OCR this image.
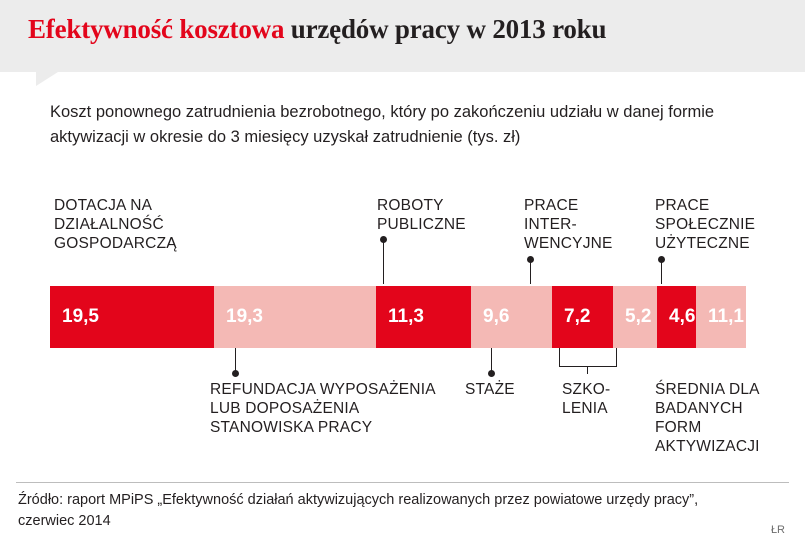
Efektywność kosztowa urzędów pracy w 2013 roku
Koszt ponownego zatrudnienia bezrobotnego, który po zakończeniu udziału w danej formie aktywizacji w okresie do 3 miesięcy uzyskał zatrudnienie (tys. zł)
DOTACJA NA DZIAŁALNOŚĆ GOSPODARCZĄ
ROBOTY PUBLICZNE
PRACE INTER-WENCYJNE
PRACE SPOŁECZNIE UŻYTECZNE
19,5	19,3	11,3	9,6	7,2	5,2 4,6 11,1
REFUNDACJA WYPOSAŻENIA LUB DOPOSAŻENIA STANOWISKA PRACY
STAŻE	SZKO-LENIA
ŚREDNIA DLA BADANYCH FORM AKTYWIZACJI
Źródło: raport MPiPS „Efektywność działań aktywizujących realizowanych przez powiatowe urzędy pracy”, czerwiec 2014
ŁR
